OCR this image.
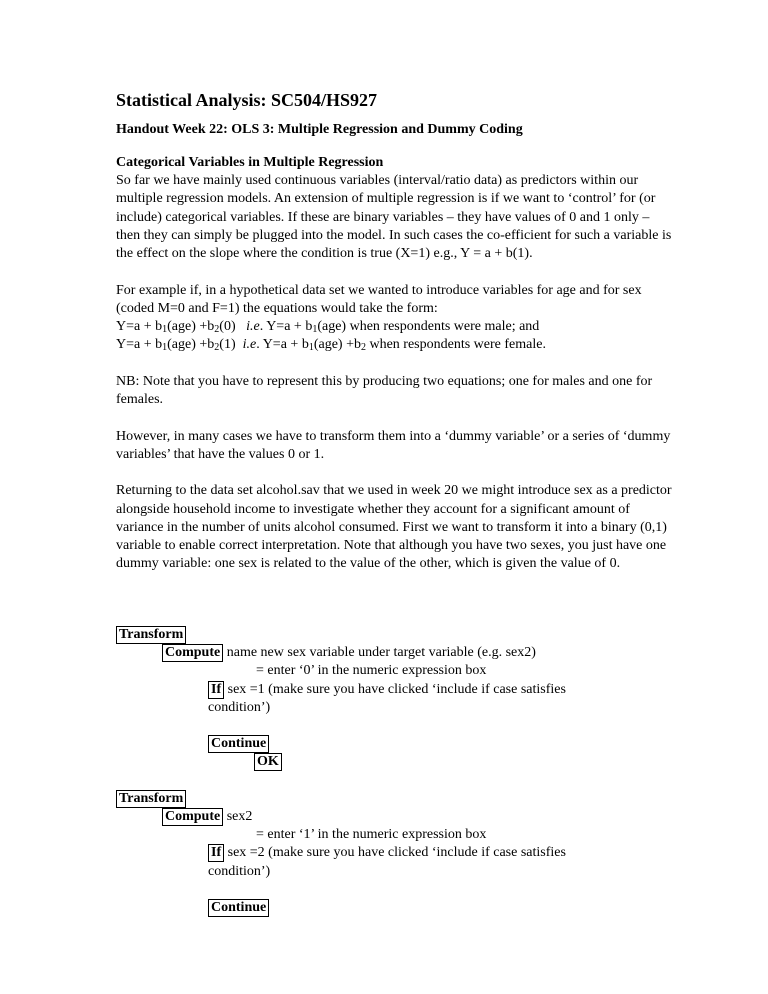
Statistical Analysis: SC504/HS927
Handout Week 22: OLS 3: Multiple Regression and Dummy Coding

Categorical Variables in Multiple Regression
So far we have mainly used continuous variables (interval/ratio data) as predictors within our multiple regression models. An extension of multiple regression is if we want to ‘control’ for (or include) categorical variables. If these are binary variables – they have values of 0 and 1 only – then they can simply be plugged into the model. In such cases the co-efficient for such a variable is the effect on the slope where the condition is true (X=1) e.g., Y = a + b(1).

For example if, in a hypothetical data set we wanted to introduce variables for age and for sex (coded M=0 and F=1) the equations would take the form:
$Y=a + b_1(age) +b_2(0)$   i.e. $Y=a + b_1(age)$ when respondents were male; and
$Y=a + b_1(age) +b_2(1)$  i.e. $Y=a + b_1(age) +b_2$ when respondents were female.

NB: Note that you have to represent this by producing two equations; one for males and one for females.

However, in many cases we have to transform them into a ‘dummy variable’ or a series of ‘dummy variables’ that have the values 0 or 1.

Returning to the data set alcohol.sav that we used in week 20 we might introduce sex as a predictor alongside household income to investigate whether they account for a significant amount of variance in the number of units alcohol consumed. First we want to transform it into a binary (0,1) variable to enable correct interpretation. Note that although you have two sexes, you just have one dummy variable: one sex is related to the value of the other, which is given the value of 0.

Transform
Compute name new sex variable under target variable (e.g. sex2)
= enter ‘0’ in the numeric expression box
If sex =1 (make sure you have clicked ‘include if case satisfies
condition’)
Continue
OK
Transform
Compute sex2
= enter ‘1’ in the numeric expression box
If sex =2 (make sure you have clicked ‘include if case satisfies
condition’)
Continue
